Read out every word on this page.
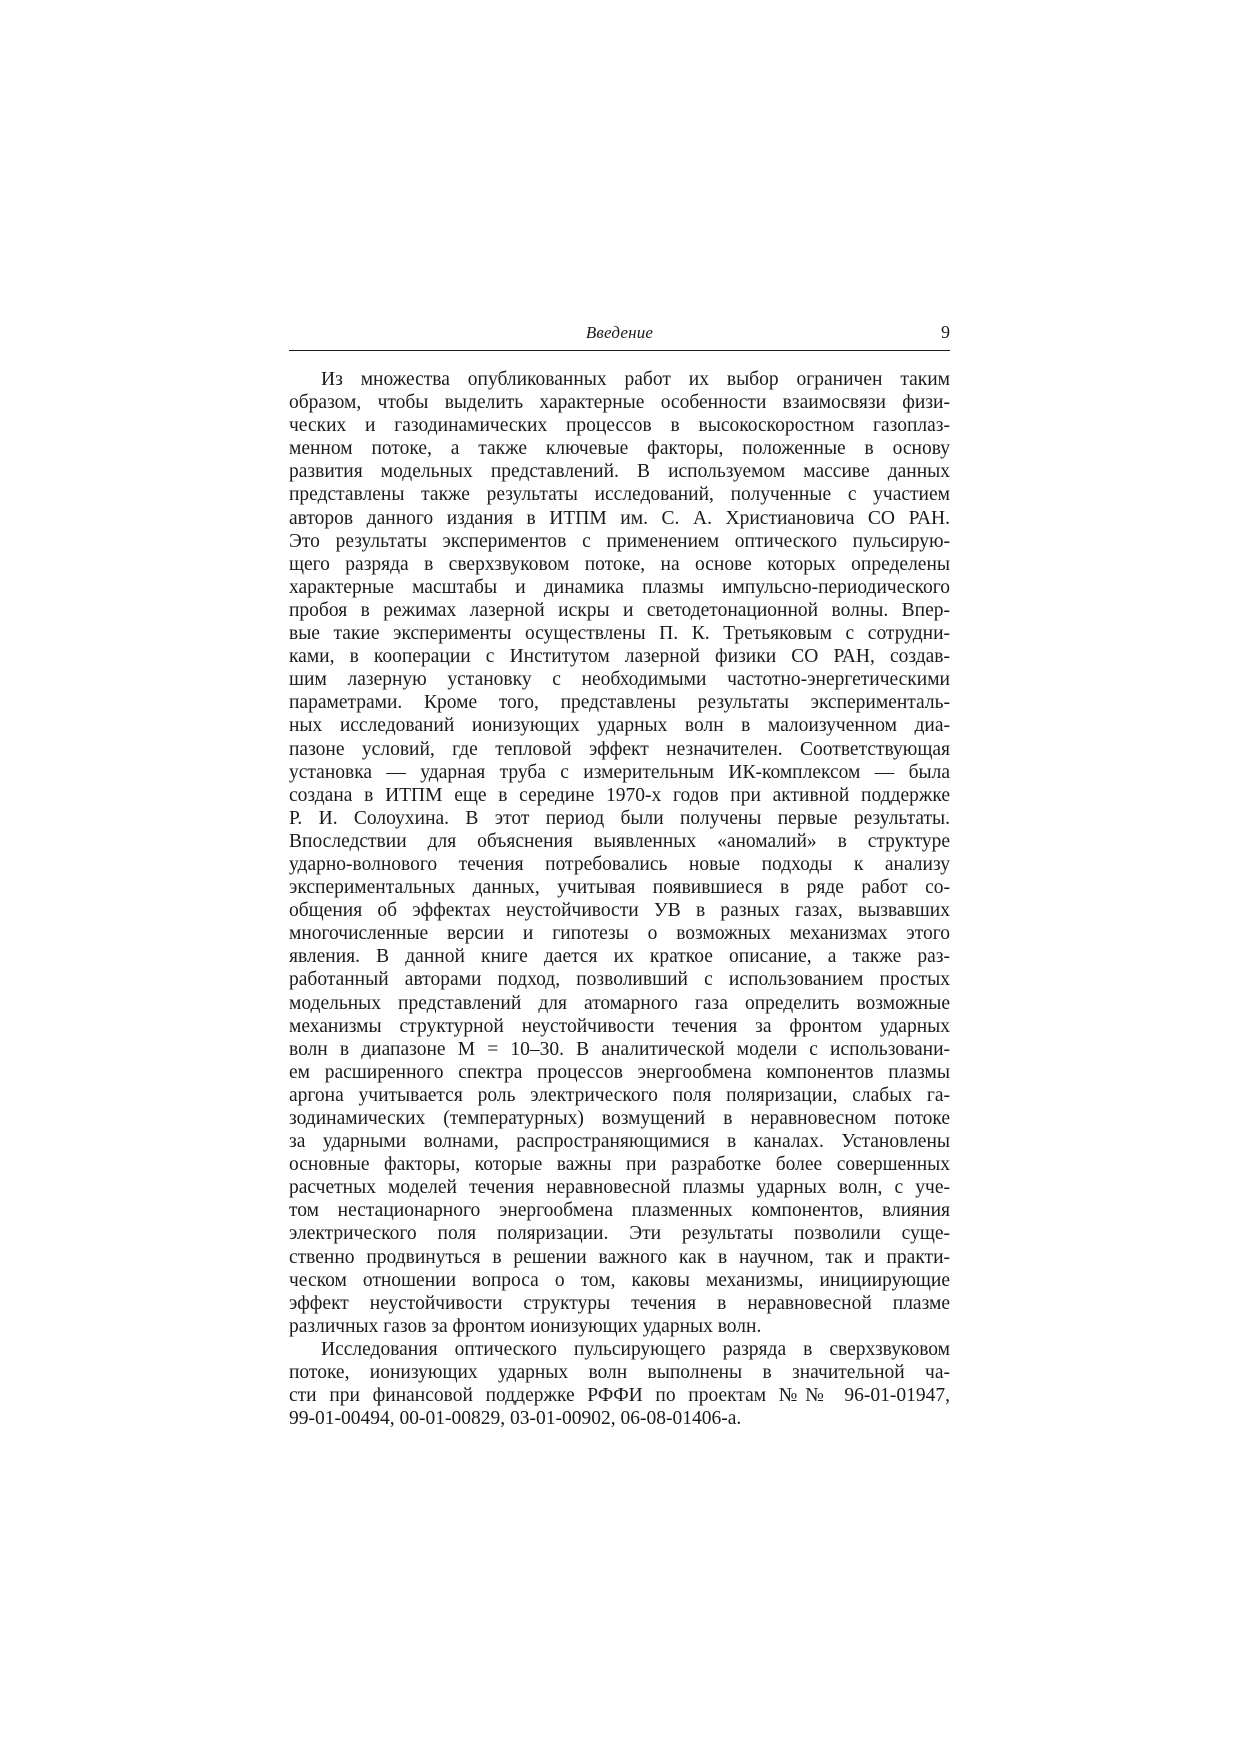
Введение	9
Из множества опубликованных работ их выбор ограничен таким
образом, чтобы выделить характерные особенности взаимосвязи физи-
ческих и газодинамических процессов в высокоскоростном газоплаз-
менном потоке, а также ключевые факторы, положенные в основу
развития модельных представлений. В используемом массиве данных
представлены также результаты исследований, полученные с участием
авторов данного издания в ИТПМ им. С. А. Христиановича СО РАН.
Это результаты экспериментов с применением оптического пульсирую-
щего разряда в сверхзвуковом потоке, на основе которых определены
характерные масштабы и динамика плазмы импульсно-периодического
пробоя в режимах лазерной искры и светодетонационной волны. Впер-
вые такие эксперименты осуществлены П. К. Третьяковым с сотрудни-
ками, в кооперации с Институтом лазерной физики СО РАН, создав-
шим лазерную установку с необходимыми частотно-энергетическими
параметрами. Кроме того, представлены результаты эксперименталь-
ных исследований ионизующих ударных волн в малоизученном диа-
пазоне условий, где тепловой эффект незначителен. Соответствующая
установка — ударная труба с измерительным ИК-комплексом — была
создана в ИТПМ еще в середине 1970-х годов при активной поддержке
Р. И. Солоухина. В этот период были получены первые результаты.
Впоследствии для объяснения выявленных «аномалий» в структуре
ударно-волнового течения потребовались новые подходы к анализу
экспериментальных данных, учитывая появившиеся в ряде работ со-
общения об эффектах неустойчивости УВ в разных газах, вызвавших
многочисленные версии и гипотезы о возможных механизмах этого
явления. В данной книге дается их краткое описание, а также раз-
работанный авторами подход, позволивший с использованием простых
модельных представлений для атомарного газа определить возможные
механизмы структурной неустойчивости течения за фронтом ударных
волн в диапазоне M = 10–30. В аналитической модели с использовани-
ем расширенного спектра процессов энергообмена компонентов плазмы
аргона учитывается роль электрического поля поляризации, слабых га-
зодинамических (температурных) возмущений в неравновесном потоке
за ударными волнами, распространяющимися в каналах. Установлены
основные факторы, которые важны при разработке более совершенных
расчетных моделей течения неравновесной плазмы ударных волн, с уче-
том нестационарного энергообмена плазменных компонентов, влияния
электрического поля поляризации. Эти результаты позволили суще-
ственно продвинуться в решении важного как в научном, так и практи-
ческом отношении вопроса о том, каковы механизмы, инициирующие
эффект неустойчивости структуры течения в неравновесной плазме
различных газов за фронтом ионизующих ударных волн.
Исследования оптического пульсирующего разряда в сверхзвуковом
потоке, ионизующих ударных волн выполнены в значительной ча-
сти при финансовой поддержке РФФИ по проектам №№ 96-01-01947,
99-01-00494, 00-01-00829, 03-01-00902, 06-08-01406-а.
